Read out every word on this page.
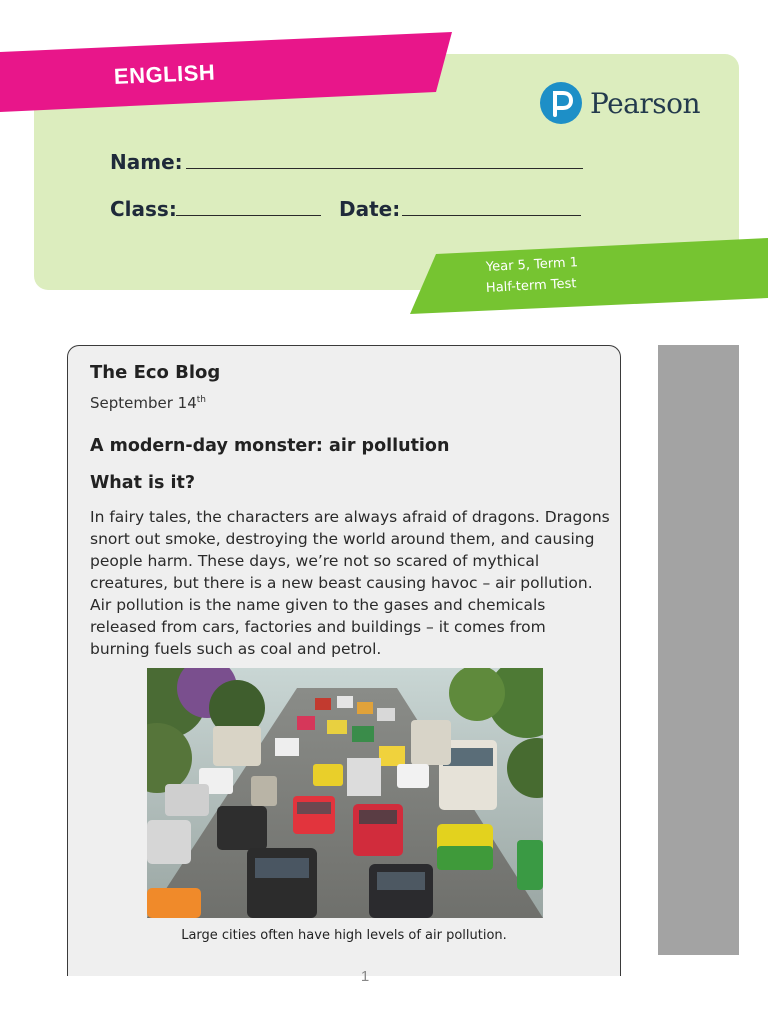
ENGLISH
Pearson
Name:
Class:	Date:
Year 5, Term 1
Half-term Test
The Eco Blog
September 14th
A modern-day monster: air pollution
What is it?
In fairy tales, the characters are always afraid of dragons. Dragons snort out smoke, destroying the world around them, and causing people harm. These days, we’re not so scared of mythical creatures, but there is a new beast causing havoc – air pollution. Air pollution is the name given to the gases and chemicals released from cars, factories and buildings – it comes from burning fuels such as coal and petrol.
Large cities often have high levels of air pollution.
1
